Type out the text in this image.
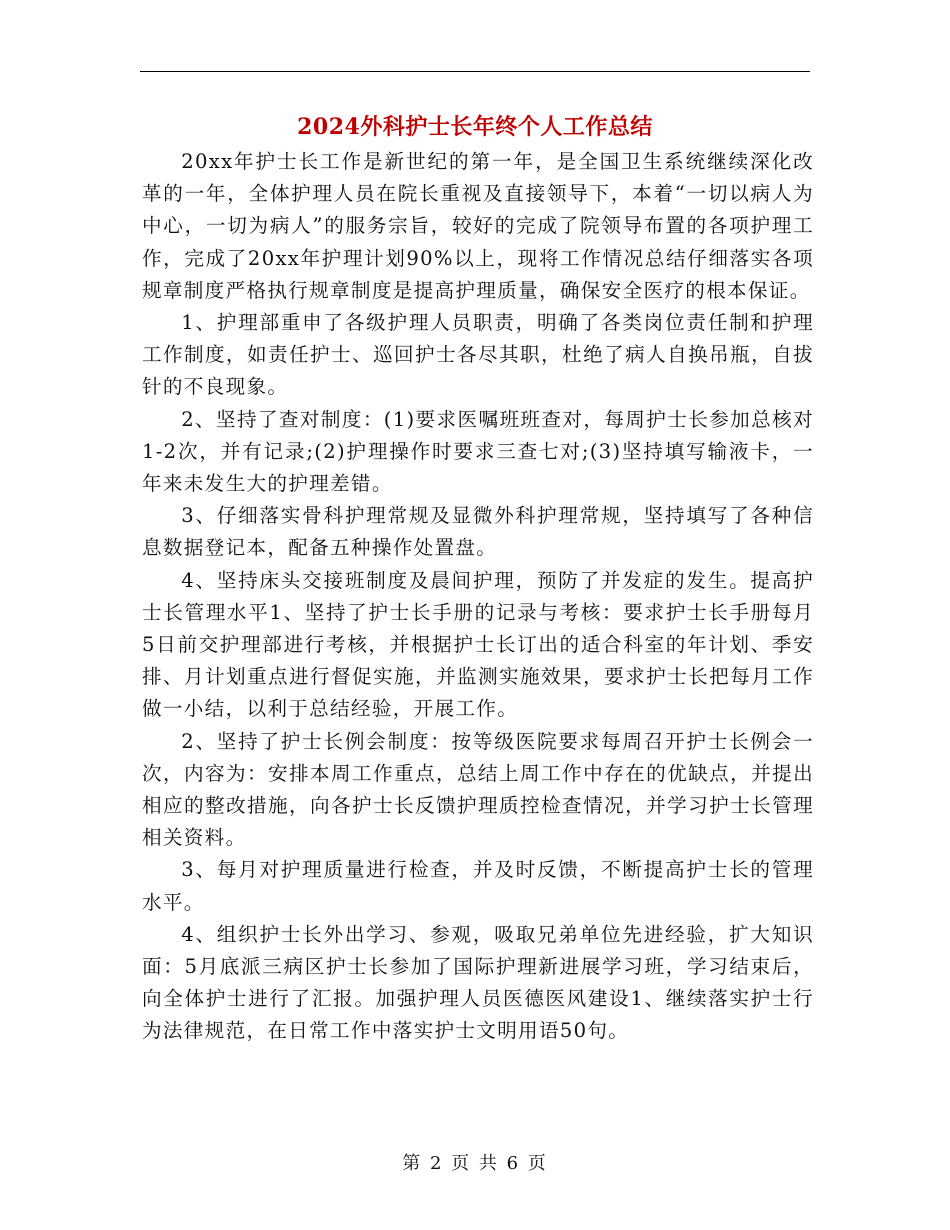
2024外科护士长年终个人工作总结

20xx年护士长工作是新世纪的第一年，是全国卫生系统继续深化改革的一年，全体护理人员在院长重视及直接领导下，本着“一切以病人为中心，一切为病人”的服务宗旨，较好的完成了院领导布置的各项护理工作，完成了20xx年护理计划90%以上，现将工作情况总结仔细落实各项规章制度严格执行规章制度是提高护理质量，确保安全医疗的根本保证。

1、护理部重申了各级护理人员职责，明确了各类岗位责任制和护理工作制度，如责任护士、巡回护士各尽其职，杜绝了病人自换吊瓶，自拔针的不良现象。

2、坚持了查对制度：(1)要求医嘱班班查对，每周护士长参加总核对1-2次，并有记录;(2)护理操作时要求三查七对;(3)坚持填写输液卡，一年来未发生大的护理差错。

3、仔细落实骨科护理常规及显微外科护理常规，坚持填写了各种信息数据登记本，配备五种操作处置盘。

4、坚持床头交接班制度及晨间护理，预防了并发症的发生。提高护士长管理水平1、坚持了护士长手册的记录与考核：要求护士长手册每月5日前交护理部进行考核，并根据护士长订出的适合科室的年计划、季安排、月计划重点进行督促实施，并监测实施效果，要求护士长把每月工作做一小结，以利于总结经验，开展工作。

2、坚持了护士长例会制度：按等级医院要求每周召开护士长例会一次，内容为：安排本周工作重点，总结上周工作中存在的优缺点，并提出相应的整改措施，向各护士长反馈护理质控检查情况，并学习护士长管理相关资料。

3、每月对护理质量进行检查，并及时反馈，不断提高护士长的管理水平。

4、组织护士长外出学习、参观，吸取兄弟单位先进经验，扩大知识面：5月底派三病区护士长参加了国际护理新进展学习班，学习结束后，向全体护士进行了汇报。加强护理人员医德医风建设1、继续落实护士行为法律规范，在日常工作中落实护士文明用语50句。

第 2 页 共 6 页
